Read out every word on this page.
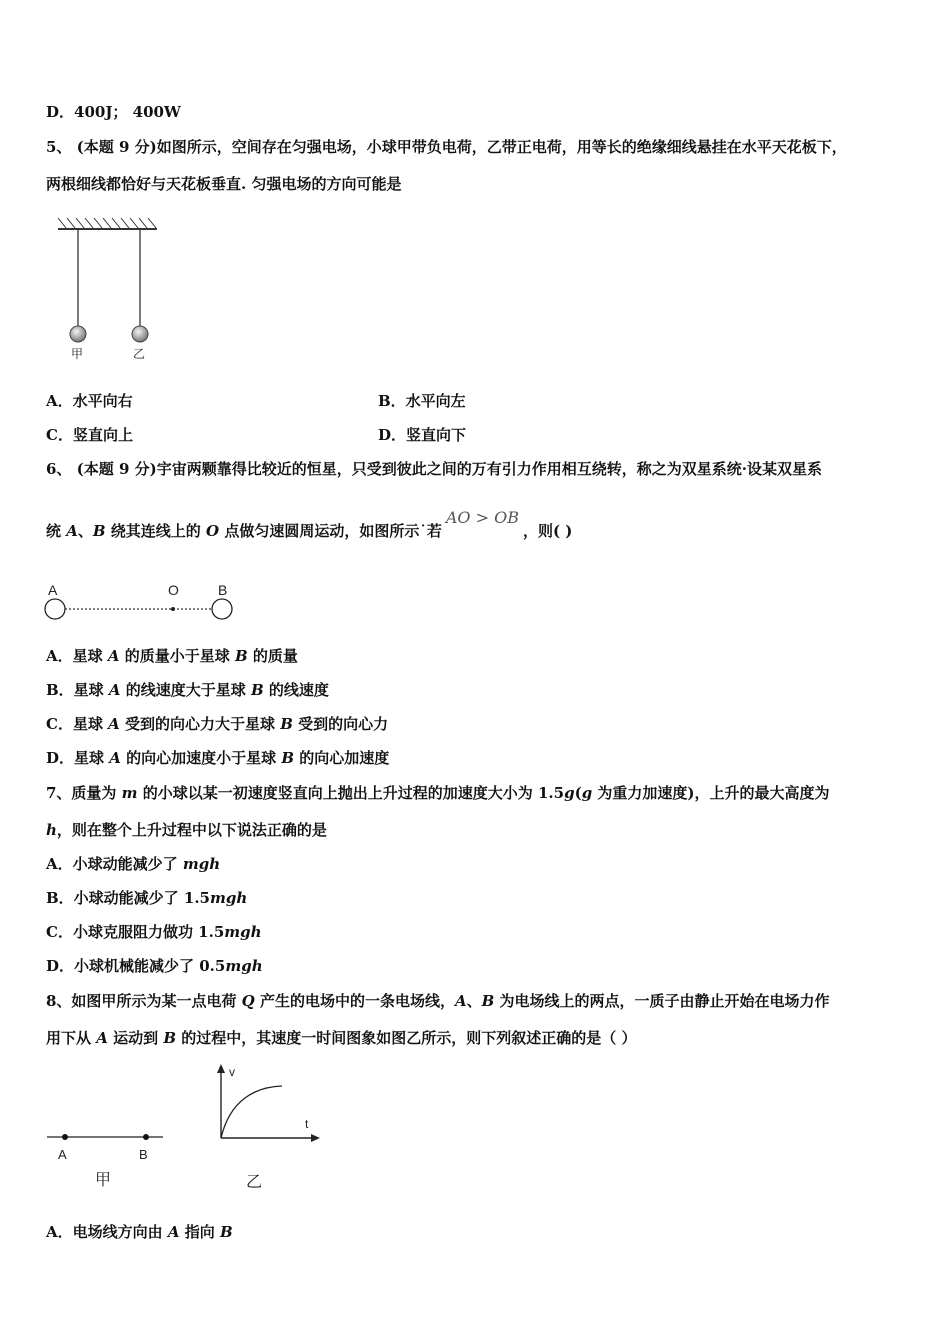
D．400J； 400W
5、 (本题 9 分)如图所示，空间存在匀强电场，小球甲带负电荷，乙带正电荷，用等长的绝缘细线悬挂在水平天花板下，
两根细线都恰好与天花板垂直. 匀强电场的方向可能是
甲	乙
A．水平向右	B．水平向左
C．竖直向上	D．竖直向下
6、 (本题 9 分)宇宙两颗靠得比较近的恒星，只受到彼此之间的万有引力作用相互绕转，称之为双星系统·设某双星系
统 A、B 绕其连线上的 O 点做匀速圆周运动，如图所示˙若AO > OB，则( )
A	O	B
A．星球 A 的质量小于星球 B 的质量
B．星球 A 的线速度大于星球 B 的线速度
C．星球 A 受到的向心力大于星球 B 受到的向心力
D．星球 A 的向心加速度小于星球 B 的向心加速度
7、质量为 m 的小球以某一初速度竖直向上抛出上升过程的加速度大小为 1.5g(g 为重力加速度)，上升的最大高度为
h，则在整个上升过程中以下说法正确的是
A．小球动能减少了 mgh
B．小球动能减少了 1.5mgh
C．小球克服阻力做功 1.5mgh
D．小球机械能减少了 0.5mgh
8、如图甲所示为某一点电荷 Q 产生的电场中的一条电场线，A、B 为电场线上的两点，一质子由静止开始在电场力作
用下从 A 运动到 B 的过程中，其速度一时间图象如图乙所示，则下列叙述正确的是（ ）
A	B
甲
v
t
乙
A．电场线方向由 A 指向 B
